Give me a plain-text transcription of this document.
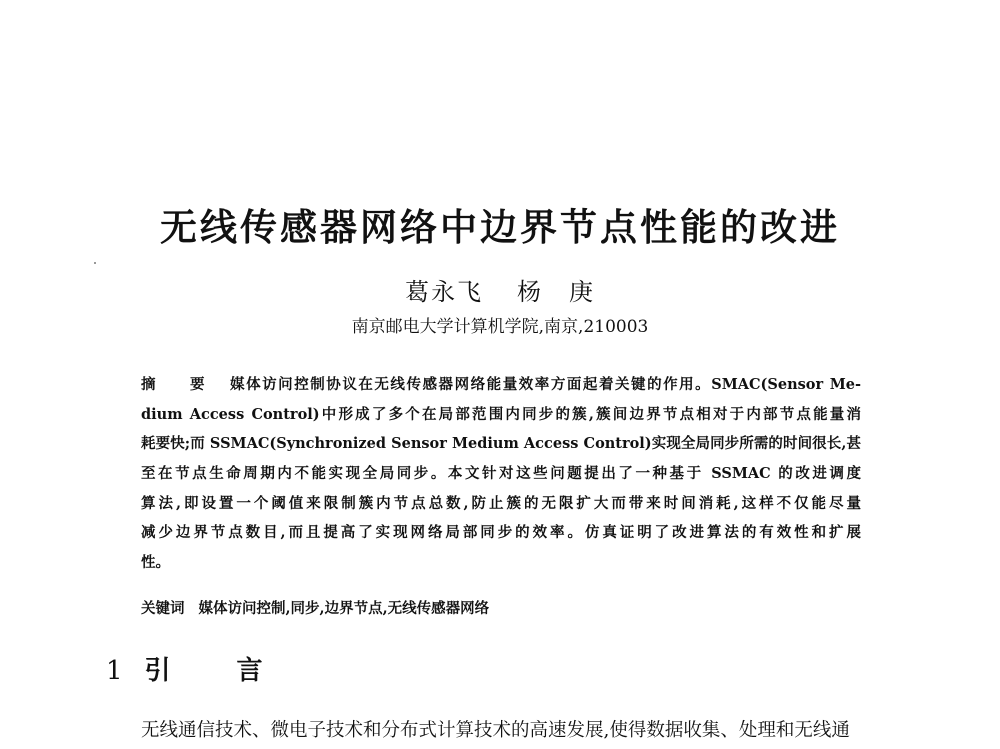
无线传感器网络中边界节点性能的改进
葛永飞 杨　庚
南京邮电大学计算机学院,南京,210003
摘　要 媒体访问控制协议在无线传感器网络能量效率方面起着关键的作用。SMAC(Sensor Me-
dium Access Control)中形成了多个在局部范围内同步的簇,簇间边界节点相对于内部节点能量消
耗要快;而 SSMAC(Synchronized Sensor Medium Access Control)实现全局同步所需的时间很长,甚
至在节点生命周期内不能实现全局同步。本文针对这些问题提出了一种基于 SSMAC 的改进调度
算法,即设置一个阈值来限制簇内节点总数,防止簇的无限扩大而带来时间消耗,这样不仅能尽量
减少边界节点数目,而且提高了实现网络局部同步的效率。仿真证明了改进算法的有效性和扩展
性。
关键词 媒体访问控制,同步,边界节点,无线传感器网络
1 引　言
无线通信技术、微电子技术和分布式计算技术的高速发展,使得数据收集、处理和无线通
